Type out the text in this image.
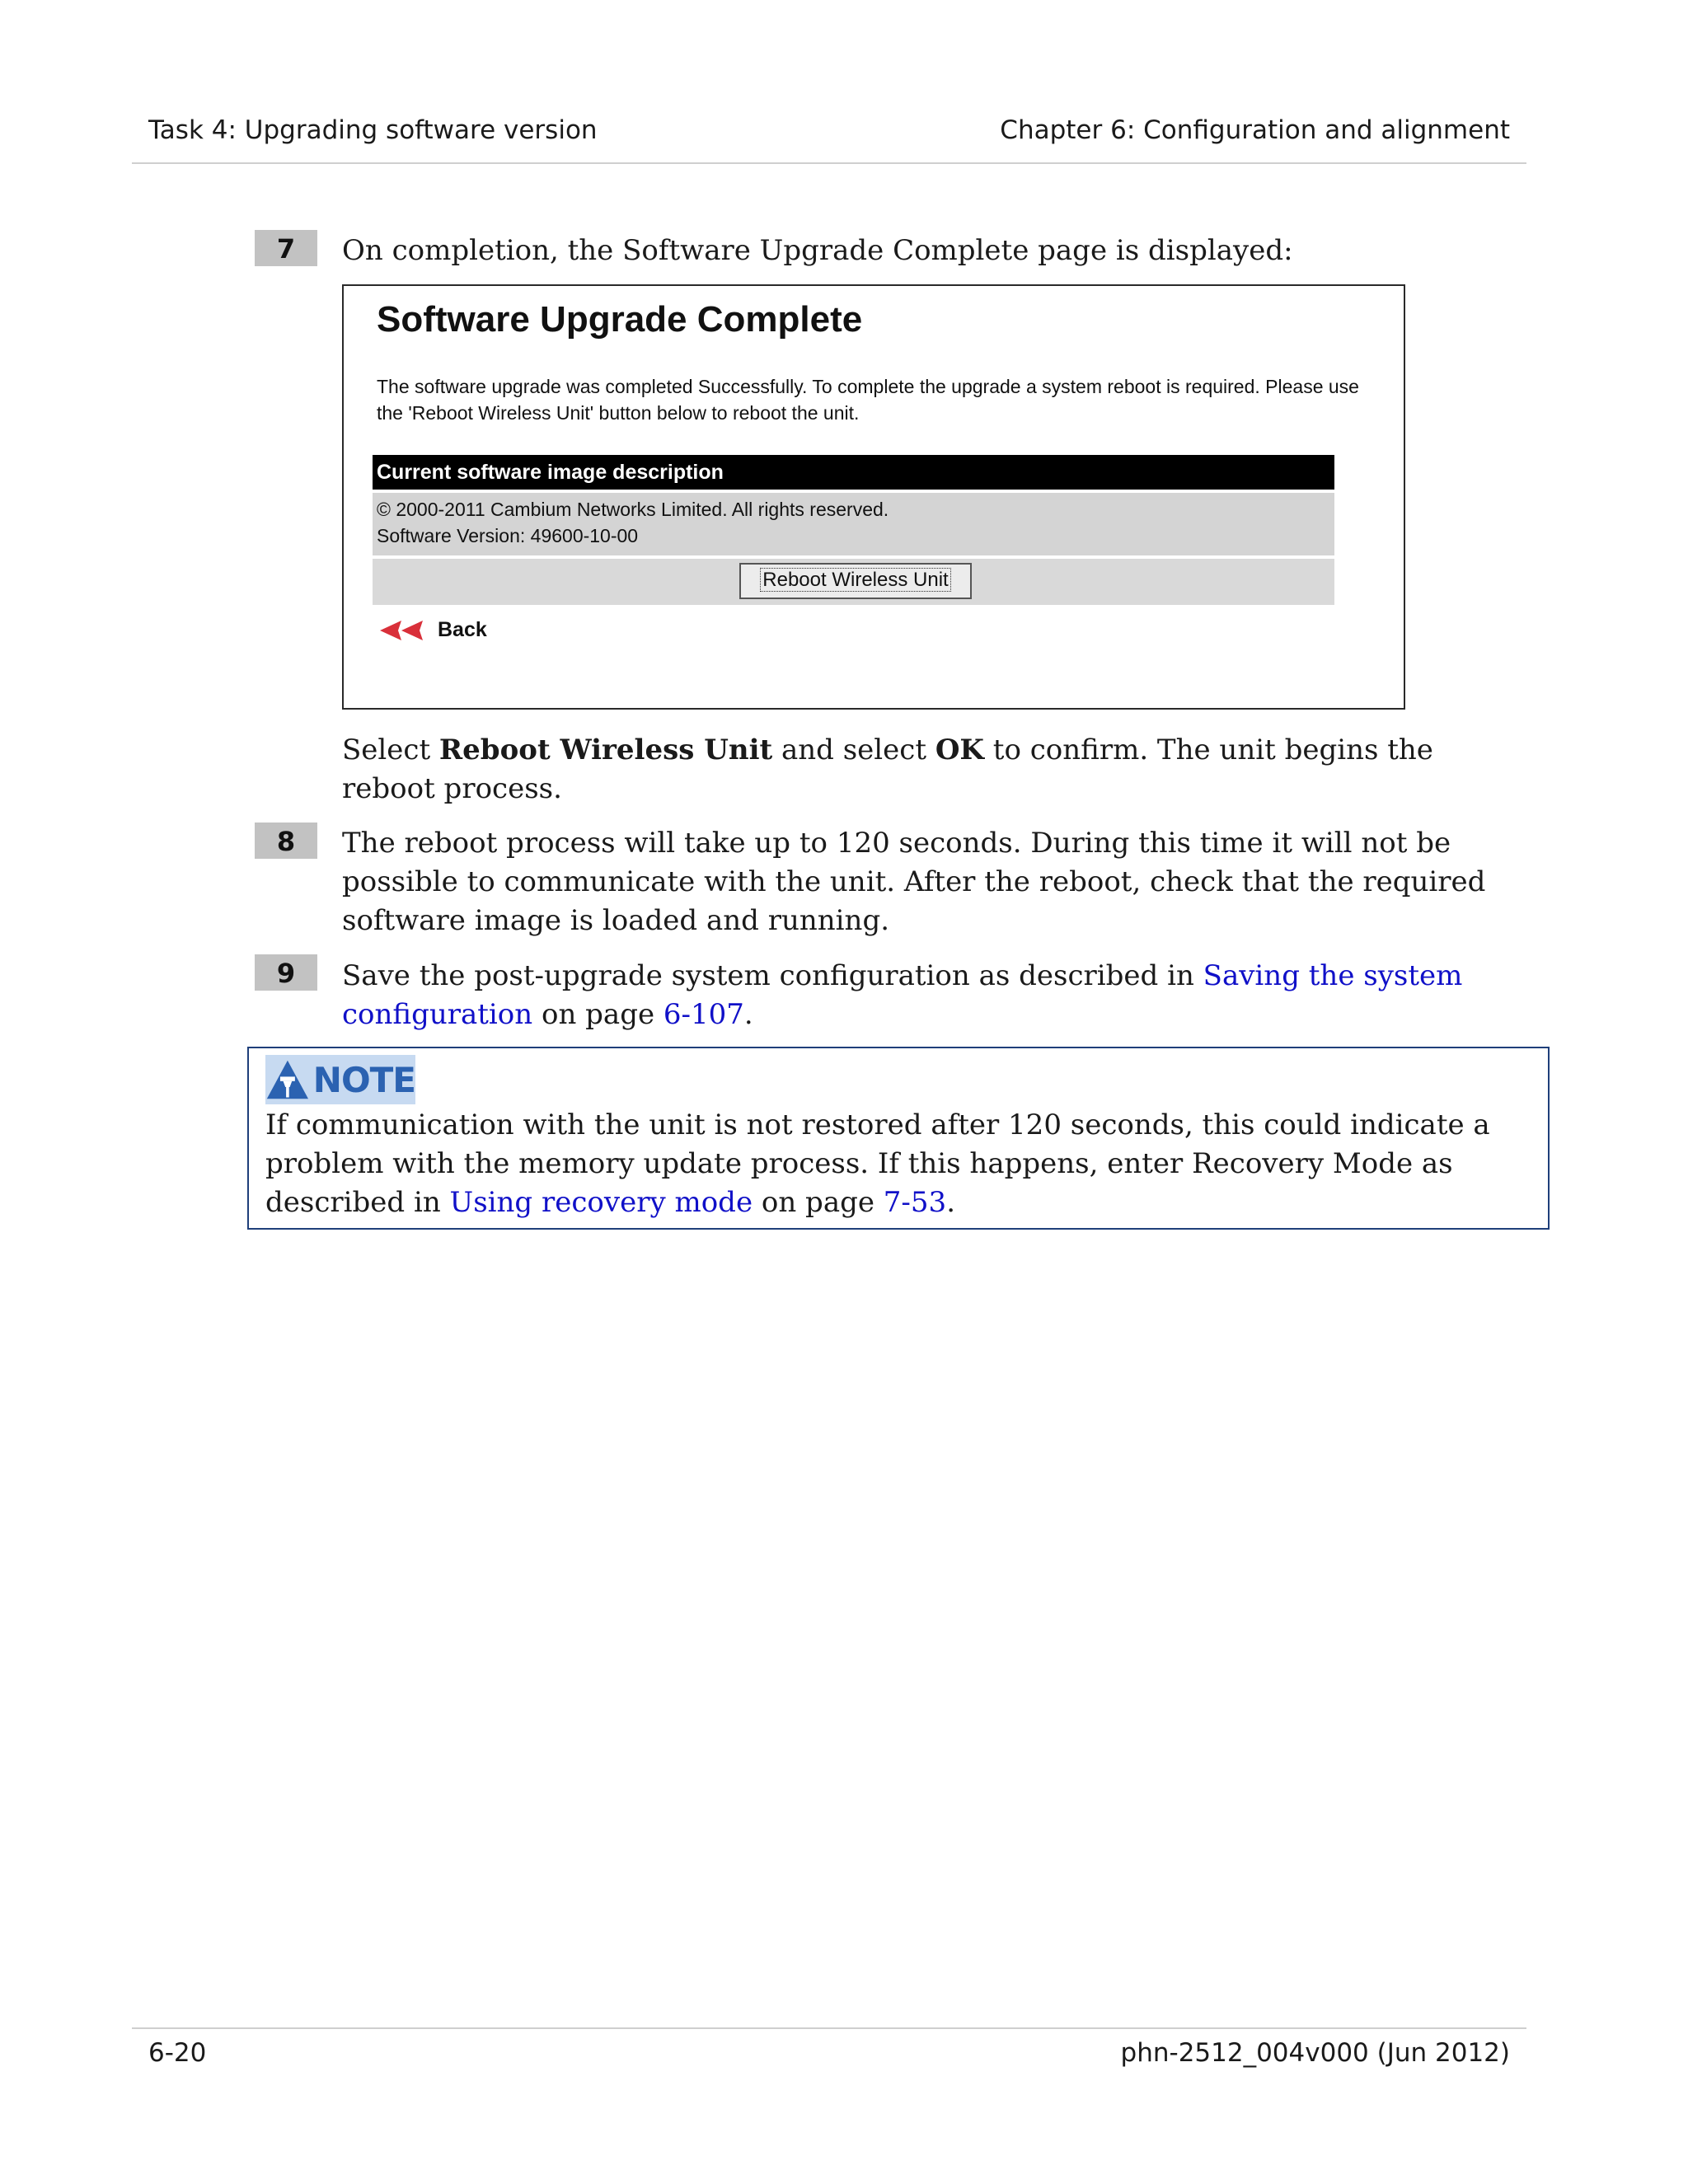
Task 4: Upgrading software version	Chapter 6: Configuration and alignment
7	On completion, the Software Upgrade Complete page is displayed:
Software Upgrade Complete
The software upgrade was completed Successfully. To complete the upgrade a system reboot is required. Please use the 'Reboot Wireless Unit' button below to reboot the unit.
Current software image description
© 2000-2011 Cambium Networks Limited. All rights reserved.
Software Version: 49600-10-00
Reboot Wireless Unit
Back
Select Reboot Wireless Unit and select OK to confirm. The unit begins the reboot process.
8	The reboot process will take up to 120 seconds. During this time it will not be possible to communicate with the unit. After the reboot, check that the required software image is loaded and running.
9	Save the post-upgrade system configuration as described in Saving the system configuration on page 6-107.
NOTE
If communication with the unit is not restored after 120 seconds, this could indicate a problem with the memory update process. If this happens, enter Recovery Mode as described in Using recovery mode on page 7-53.
6-20	phn-2512_004v000 (Jun 2012)
